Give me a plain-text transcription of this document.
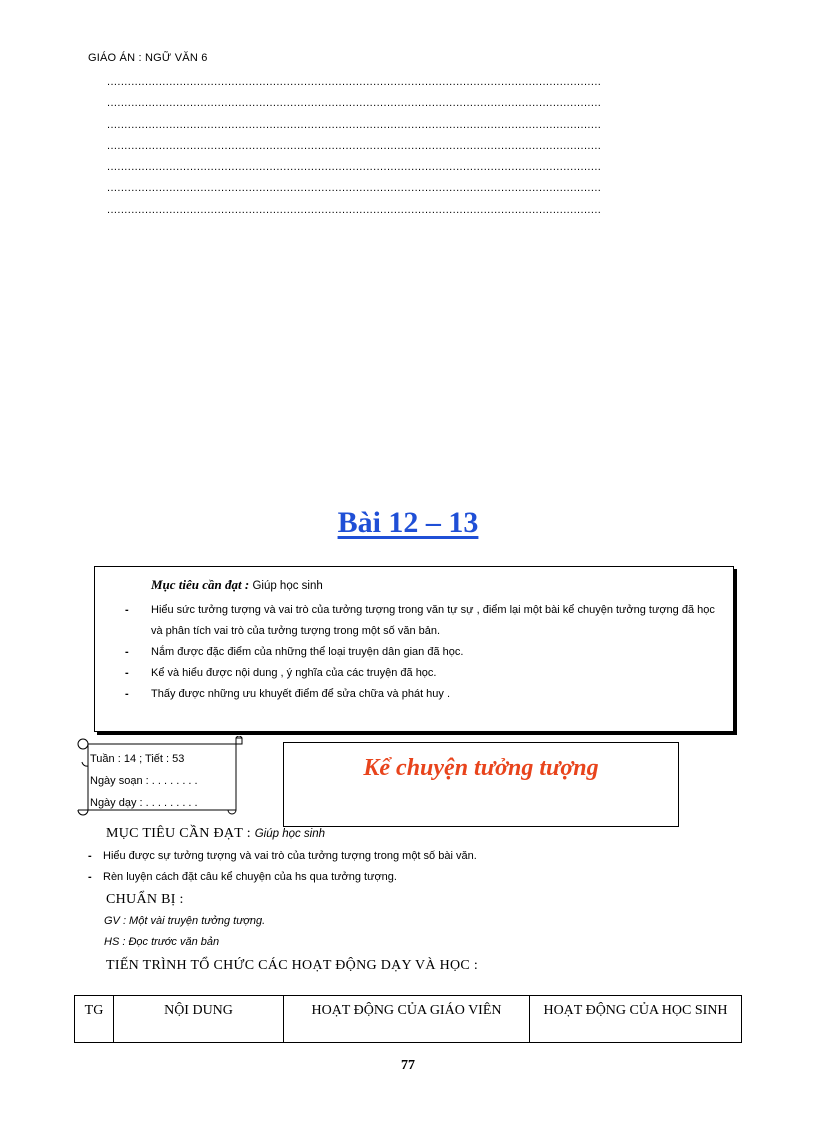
GIÁO ÁN : NGỮ VĂN 6
...............................................................................................................................................
...............................................................................................................................................
...............................................................................................................................................
...............................................................................................................................................
...............................................................................................................................................
...............................................................................................................................................
...............................................................................................................................................
Bài 12 – 13
Mục tiêu cần đạt : Giúp học sinh
- Hiểu sức tưởng tượng và vai trò của tưởng tượng trong văn tự sự , điểm lại một bài kể chuyện tưởng tượng đã học và phân tích vai trò của tưởng tượng trong một số văn bản.
- Nắm được đặc điểm của những thể loại truyện dân gian đã học.
- Kể và hiểu được nội dung , ý nghĩa của các truyện đã học.
- Thấy được những ưu khuyết điểm để sửa chữa và phát huy .
Tuần : 14 ; Tiết : 53
Ngày soạn : . . . . . . . .
Ngày dạy : . . . . . . . . .
Kể chuyện tưởng tượng
MỤC TIÊU CẦN ĐẠT : Giúp học sinh
- Hiểu được sự tưởng tượng và vai trò của tưởng tượng trong một số bài văn.
- Rèn luyện cách đặt câu kể chuyện của hs qua tưởng tượng.
CHUẨN BỊ :
GV : Một vài truyện tưởng tượng.
HS : Đọc trước văn bản
TIẾN TRÌNH TỔ CHỨC CÁC HOẠT ĐỘNG DẠY VÀ HỌC :
TG	NỘI DUNG	HOẠT ĐỘNG CỦA GIÁO VIÊN	HOẠT ĐỘNG CỦA HỌC SINH
77
